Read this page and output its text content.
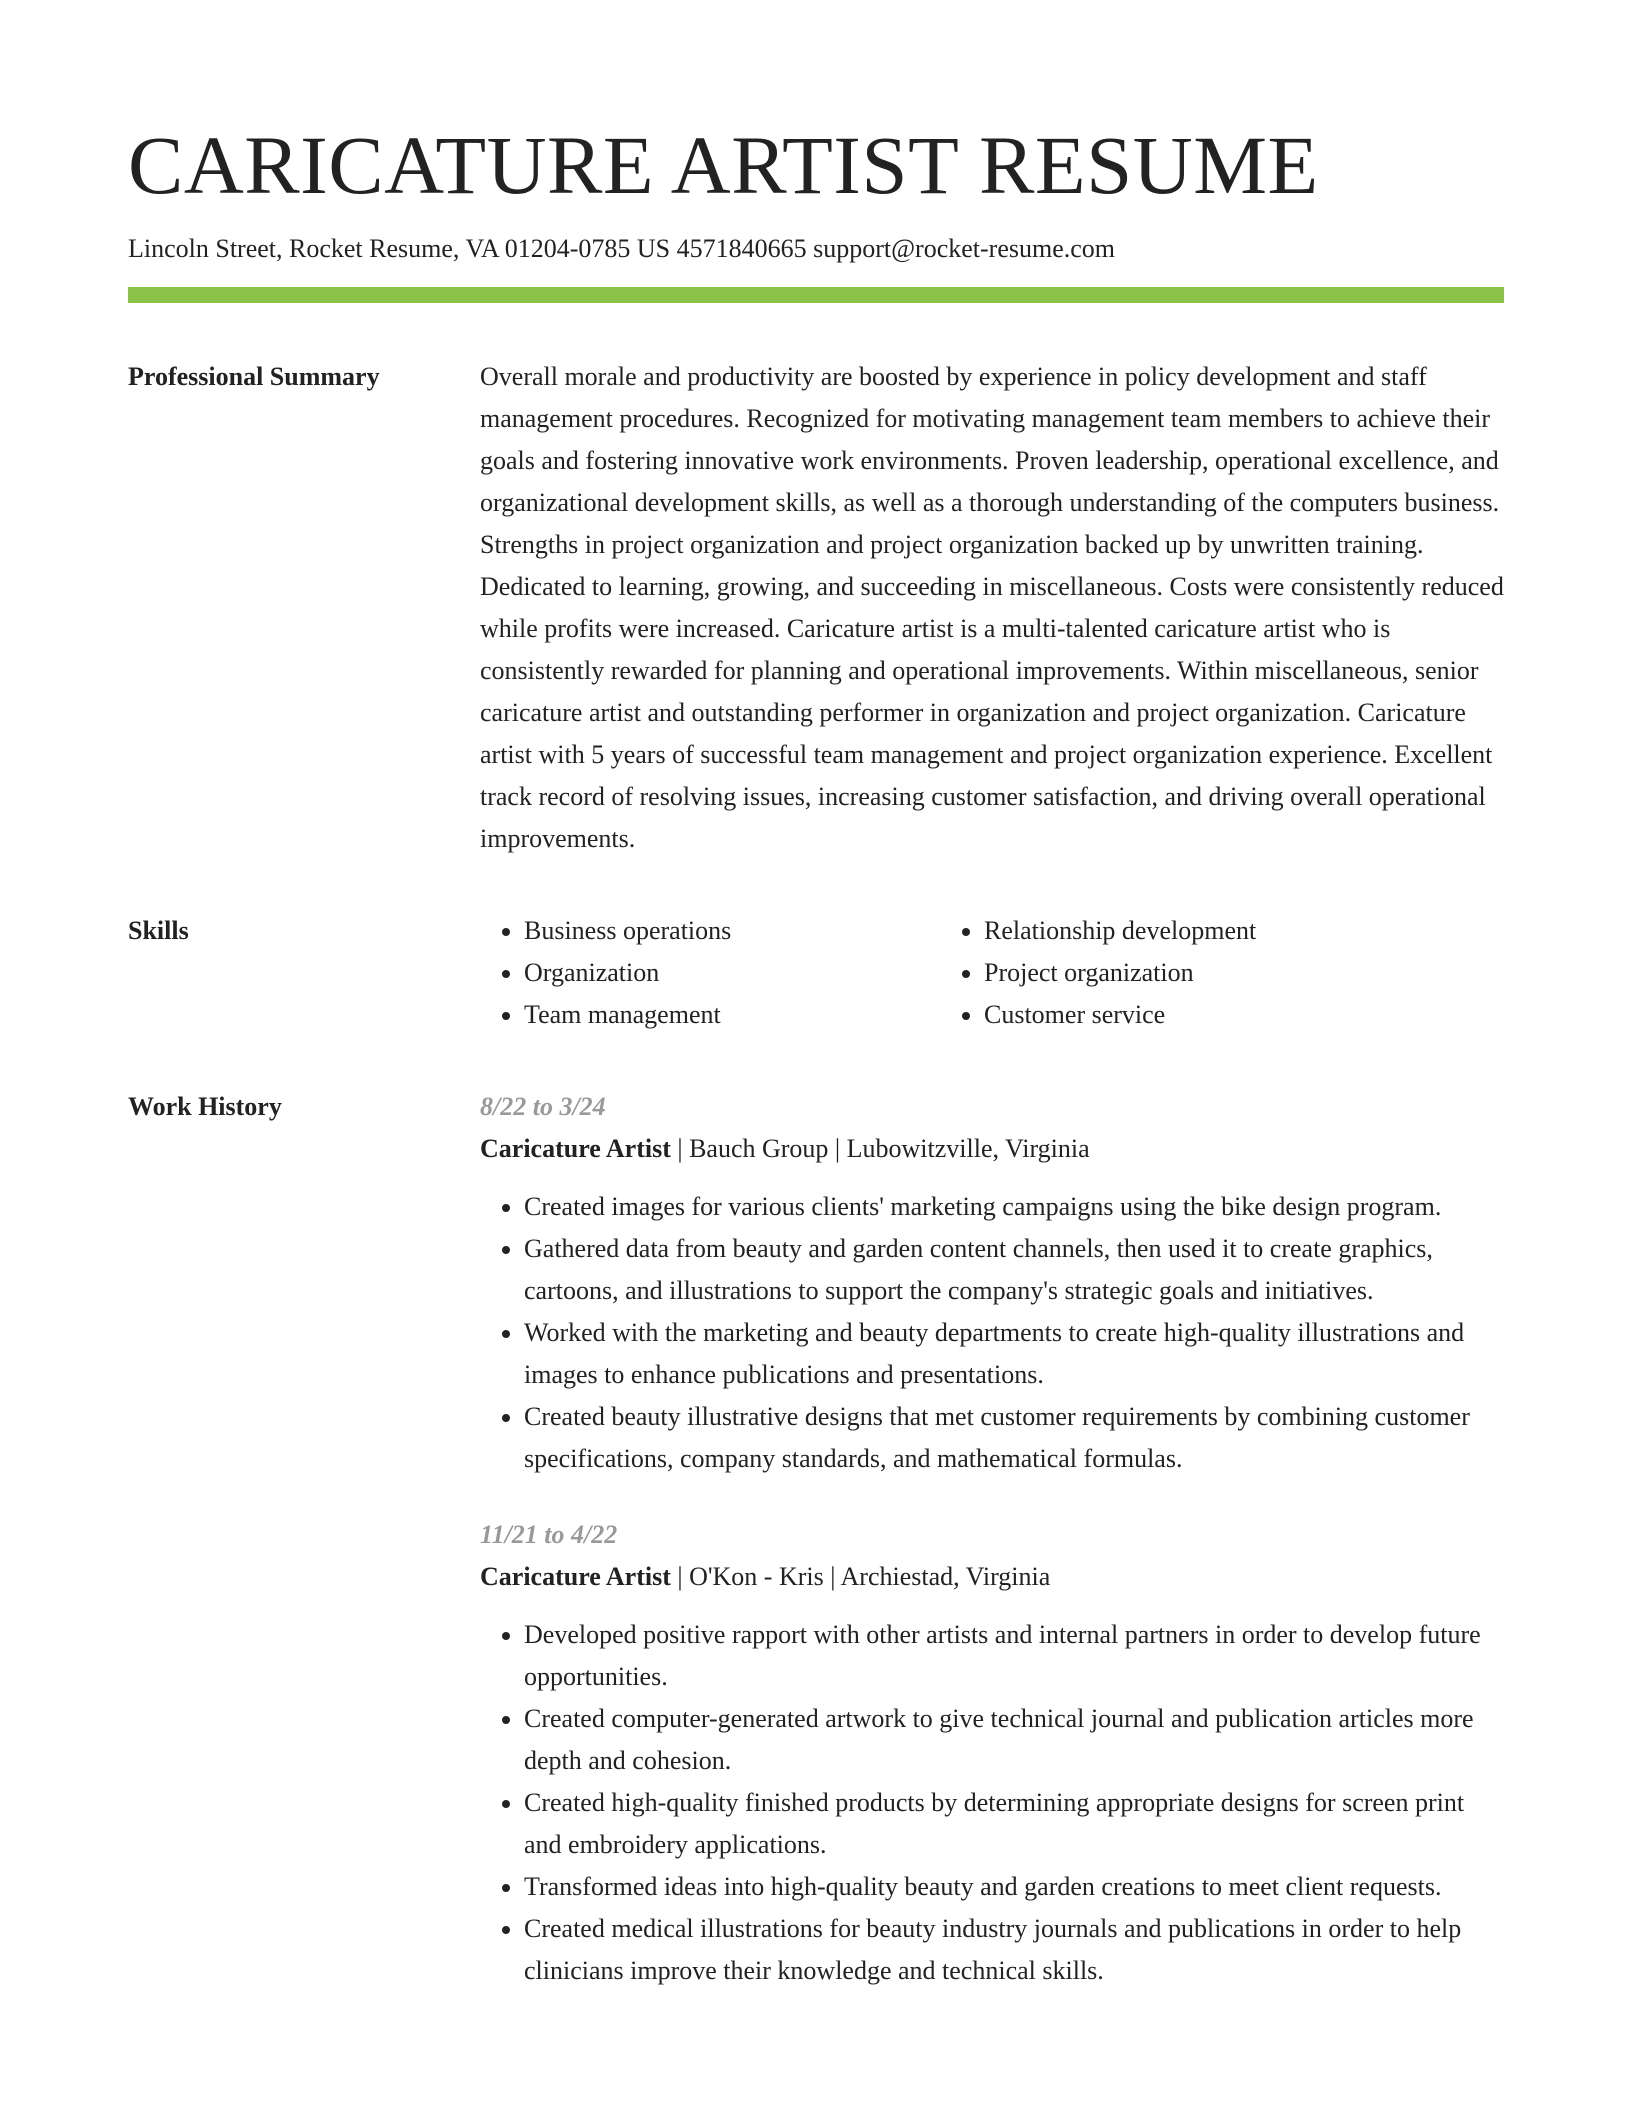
CARICATURE ARTIST RESUME
Lincoln Street, Rocket Resume, VA 01204-0785 US 4571840665 support@rocket-resume.com
Professional Summary	Overall morale and productivity are boosted by experience in policy development and staff management procedures. Recognized for motivating management team members to achieve their goals and fostering innovative work environments. Proven leadership, operational excellence, and organizational development skills, as well as a thorough understanding of the computers business. Strengths in project organization and project organization backed up by unwritten training. Dedicated to learning, growing, and succeeding in miscellaneous. Costs were consistently reduced while profits were increased. Caricature artist is a multi-talented caricature artist who is consistently rewarded for planning and operational improvements. Within miscellaneous, senior caricature artist and outstanding performer in organization and project organization. Caricature artist with 5 years of successful team management and project organization experience. Excellent track record of resolving issues, increasing customer satisfaction, and driving overall operational improvements.

Skills
•	Business operations
• Organization
• Team management
• Relationship development
• Project organization
• Customer service
Work History	8/22 to 3/24
Caricature Artist | Bauch Group | Lubowitzville, Virginia
• Created images for various clients' marketing campaigns using the bike design program.
• Gathered data from beauty and garden content channels, then used it to create graphics, cartoons, and illustrations to support the company's strategic goals and initiatives.
• Worked with the marketing and beauty departments to create high-quality illustrations and images to enhance publications and presentations.
• Created beauty illustrative designs that met customer requirements by combining customer specifications, company standards, and mathematical formulas.
11/21 to 4/22
Caricature Artist | O'Kon - Kris | Archiestad, Virginia
• Developed positive rapport with other artists and internal partners in order to develop future opportunities.
• Created computer-generated artwork to give technical journal and publication articles more depth and cohesion.
• Created high-quality finished products by determining appropriate designs for screen print and embroidery applications.
• Transformed ideas into high-quality beauty and garden creations to meet client requests.
• Created medical illustrations for beauty industry journals and publications in order to help clinicians improve their knowledge and technical skills.
